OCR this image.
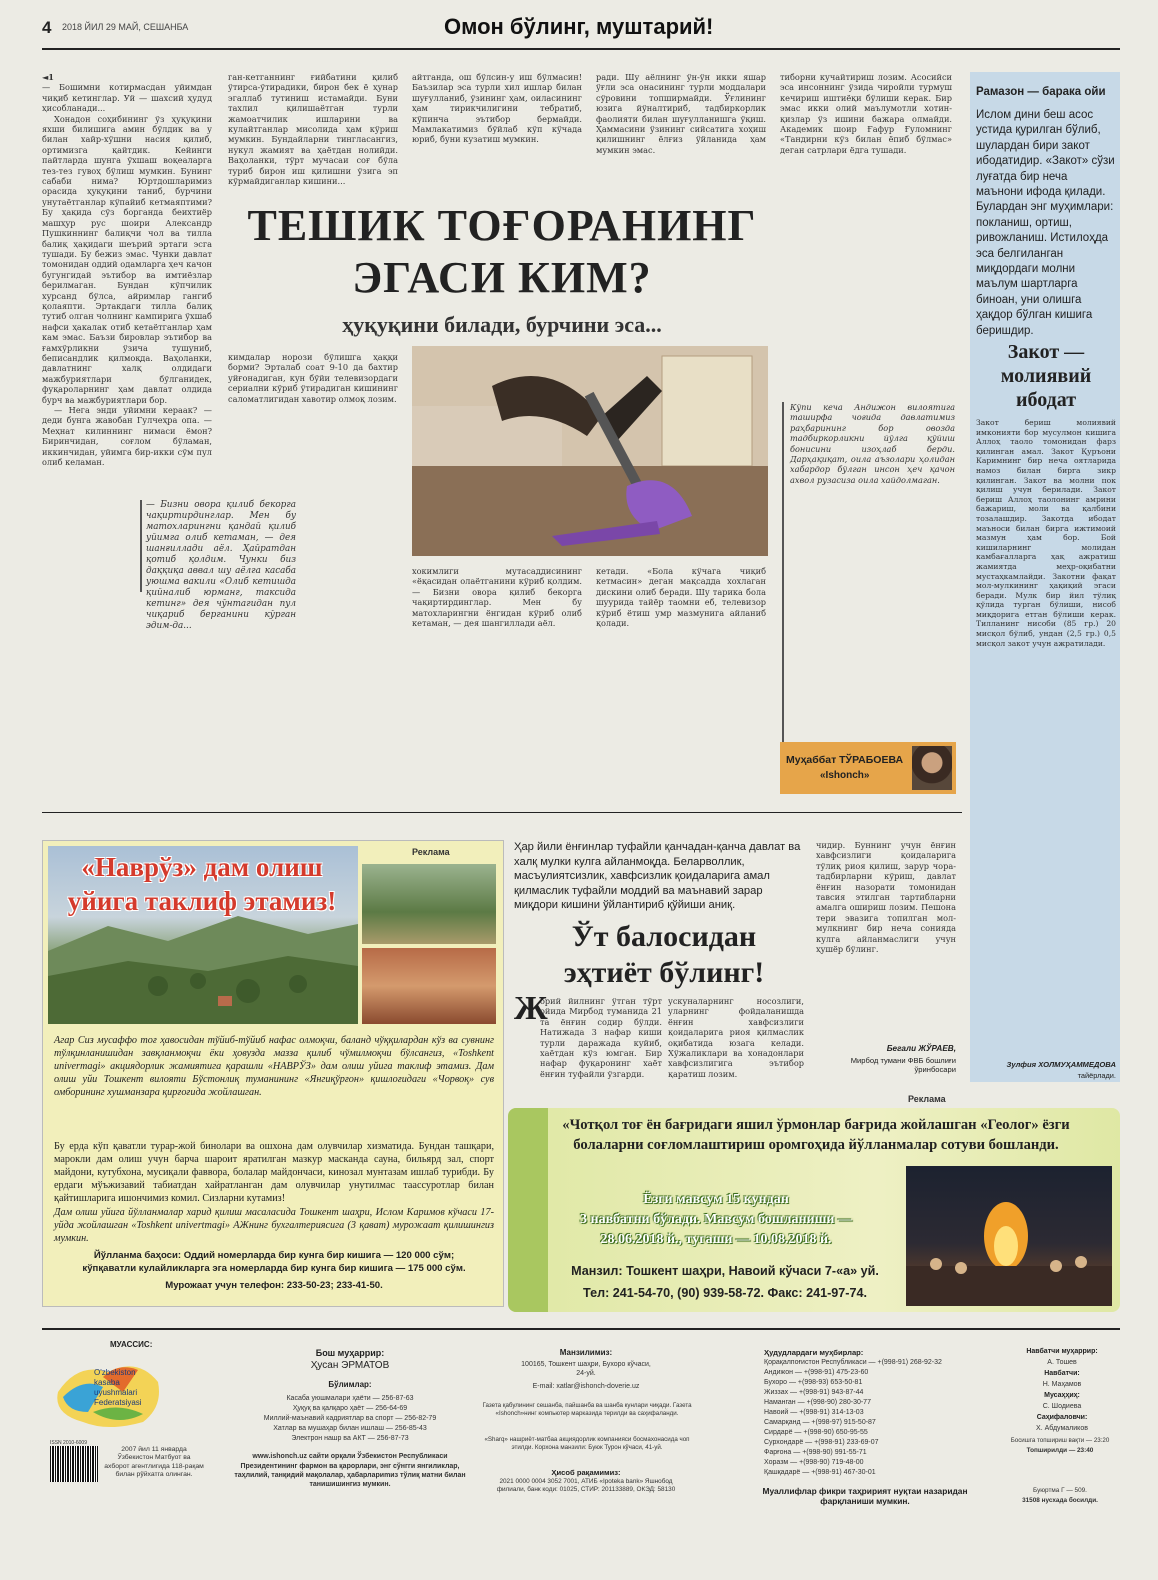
4 2018 ЙИЛ 29 МАЙ, СЕШАНБА	Омон бўлинг, муштарий!
◄1
— Бошимни котирмасдан уйимдан чиқиб кетинглар. Уй — шахсий ҳудуд ҳисобланади...
Хонадон соҳибининг ўз ҳуқуқини яхши билишига амин бўлдик ва у билан хайр-хўшни насия қилиб, ортимизга қайтдик. Кейинги пайтларда шунга ўхшаш воқеаларга тез-тез гувоҳ бўлиш мумкин. Бунинг сабаби нима? Юртдошларимиз орасида ҳуқуқини таниб, бурчини унутаётганлар кўпайиб кетмаяптими? Бу ҳақида сўз борганда беихтиёр машҳур рус шоири Александр Пушкиннинг балиқчи чол ва тилла балиқ ҳақидаги шеърий эртаги эсга тушади. Бу бежиз эмас. Чунки давлат томонидан оддий одамларга ҳеч качон бугунгидай эътибор ва имтиёзлар берилмаган. Бундан кўпчилик хурсанд бўлса, айримлар гангиб қолаяпти. Эртакдаги тилла балиқ тутиб олган чолнинг кампирига ўхшаб нафси ҳакалак отиб кетаётганлар ҳам кам эмас. Баъзи бировлар эътибор ва ғамхўрликни ўзича тушуниб, беписандлик қилмоқда. Ваҳоланки, давлатнинг халқ олдидаги мажбуриятлари бўлганидек, фуқароларнинг ҳам давлат олдида бурч ва мажбуриятлари бор.
— Нега энди уйимни кераак? — деди бунга жавобан Гулчеҳра опа. — Меҳнат килиннинг нимаси ёмон? Биринчидан, соғлом бўламан, иккинчидан, уйимга бир-икки сўм пул олиб келаман.
ган-кетганнинг ғийбатини қилиб ўтирса-ўтирадики, бирон бек ё ҳунар эгаллаб тутиниш истамайди. Буни тахлил қилишаётган турли жамоатчилик ишларини ва кулайтганлар мисолида ҳам кўриш мумкин. Бундайларни тингласангиз, нукул жамият ва ҳаётдан нолийди. Ваҳоланки, тўрт мучасаи соғ бўла туриб бирон иш қилишни ўзига эп кўрмайдиганлар кишини...
айтганда, ош бўлсин-у иш бўлмасин! Баъзилар эса турли хил ишлар билан шуғулланиб, ўзининг ҳам, оиласининг ҳам тирикчилигини тебратиб, кўпинча эътибор бермайди. Мамлакатимиз бўйлаб кўп кўчада юриб, буни кузатиш мумкин.
ради. Шу аёлнинг ўн-ўн икки яшар ўғли эса онасининг турли моддалари сўровини топширмайди. Ўғлининг юзига йўналтириб, тадбиркорлик фаолияти билан шуғулланишга ўқиш. Ҳаммасини ўзининг сийсатига хоҳиш қилишнинг ёлғиз ўйланида ҳам мумкин эмас.
тиборни кучайтириш лозим. Асосийси эса инсоннинг ўзида чиройли турмуш кечириш иштиёқи бўлиши керак. Бир эмас икки олий маълумотли хотин-қизлар ўз ишини бажара олмайди. Академик шоир Ғафур Ғуломнинг «Тандирни кўз билан ёпиб бўлмас» деган сатрлари ёдга тушади.
ТЕШИК ТОҒОРАНИНГ
ЭГАСИ КИМ?
ҳуқуқини билади, бурчини эса...
кимдалар норози бўлишга ҳаққи борми? Эрталаб соат 9-10 да бахтир уйғонадиган, кун бўйи телевизордаги сериални кўриб ўтирадиган кишининг саломатлигидан хавотир олмоқ лозим.
— Бизни овора қилиб бекорга чақиртирдинглар. Мен бу матохларингни қандай қилиб уйимга олиб кетаман, — дея шанғиллади аёл. Ҳайратдан қотиб қолдим. Чунки биз даққиқа аввал шу аёлга касаба уюшма вакили «Олиб кетишда қийналиб юрманг, таксида кетинг» дея чўнтагидан пул чиқариб берганини кўрган эдим-да...
хокимлиги мутасаддисининг «ёқасидан олаётганини кўриб қолдим. — Бизни овора қилиб бекорга чақиртирдинглар. Мен бу матохларингни ёнгидан кўриб олиб кетаман, — дея шангиллади аёл.
кетади. «Бола кўчага чиқиб кетмасин» деган мақсадда хохлаган дискини олиб беради. Шу тарика бола шуурида тайёр таомни еб, телевизор кўриб ётиш умр мазмунига айланиб қолади.
Кўпи кеча Андижон вилоятига таширфа чоғида давлатимиз раҳбарининг бор овозда тадбиркорликни йўлга қўйиш бонисини изоҳлаб берди. Дарҳақиқат, оила аъзолари ҳолидан хабардор бўлган инсон ҳеч қачон ахвол рузасиза оила хайдолмаган.
Муҳаббат ТЎРАБОЕВА
«Ishonch»
Рамазон — барака ойи
Ислом дини беш асос устида қурилган бўлиб, шулардан бири закот ибодатидир. «Закот» сўзи луғатда бир неча маънони ифода қилади. Булардан энг муҳимлари: покланиш, ортиш, ривожланиш. Истилоҳда эса белгиланган миқдордаги молни маълум шартларга биноан, уни олишга ҳақдор бўлган кишига беришдир.
Закот — молиявий ибодат
Закот бериш молиявий имконияти бор мусулмон кишига Аллоҳ таоло томонидан фарз қилинган амал. Закот Қуръони Каримнинг бир неча оятларида намоз билан бирга зикр қилинган. Закот ва молни пок қилиш учун берилади. Закот бериш Аллоҳ таолонинг амрини бажариш, моли ва қалбини тозалашдир. Закотда ибодат маъноси билан бирга ижтимоий мазмун ҳам бор. Бой кишиларнинг молидан камбағалларга ҳақ ажратиш жамиятда меҳр-оқибатни мустаҳкамлайди. Закотни фақат мол-мулкининг ҳақиқий эгаси беради. Мулк бир йил тўлиқ қўлида турган бўлиши, нисоб миқдорига етган бўлиши керак. Тилланинг нисоби (85 гр.) 20 мисқол бўлиб, ундан (2,5 гр.) 0,5 мисқол закот учун ажратилади.
Зулфия ХОЛМУҲАММЕДОВА
тайёрлади.
Реклама
«Наврўз» дам олиш
уйига таклиф этамиз!
Агар Сиз мусаффо тоғ ҳавосидан тўйиб-тўйиб нафас олмоқчи, баланд чўққилардан кўз ва сувнинг тўлқинланишидан завқланмоқчи ёки ҳовузда мазза қилиб чўмилмоқчи бўлсангиз, «Toshkent univermagi» акциядорлик жамиятига қарашли «НАВРЎЗ» дам олиш уйига таклиф этамиз. Дам олиш уйи Тошкент вилояти Бўстонлиқ туманининг «Янгиқўрғон» қишлоғидаги «Чорвоқ» сув омборининг хушманзара қирғоғида жойлашган.
Бу ерда кўп қаватли турар-жой бинолари ва ошхона дам олувчилар хизматида. Бундан ташқари, марокли дам олиш учун барча шароит яратилган мазкур масканда сауна, бильярд зал, спорт майдони, кутубхона, мусиқали фаввора, болалар майдончаси, кинозал мунтазам ишлаб турибди. Бу ердаги мўъжизавий табиатдан хайратланган дам олувчилар унутилмас таассуротлар билан қайтишларига ишончимиз комил. Сизларни кутамиз!
Дам олиш уйига йўлланмалар харид қилиш масаласида Тошкент шаҳри, Ислом Каримов кўчаси 17-уйда жойлашган «Toshkent univertmagi» АЖнинг бухгалтериясига (3 қават) мурожаат қилишингиз мумкин.
Йўлланма баҳоси: Оддий номерларда бир кунга бир кишига — 120 000 сўм;
кўпқаватли кулайликларга эга номерларда бир кунга бир кишига — 175 000 сўм.
Мурожаат учун телефон: 233-50-23; 233-41-50.
Ҳар йили ёнғинлар туфайли қанчадан-қанча давлат ва халқ мулки кулга айланмоқда. Беларволлик, масъулиятсизлик, хавфсизлик қоидаларига амал қилмаслик туфайли моддий ва маънавий зарар миқдори кишини ўйлантириб қўйиши аниқ.
Ўт балосидан
эҳтиёт бўлинг!
Ж
орий йилнинг ўтган тўрт ойида Мирбод туманида 21 та ёнғин содир бўлди. Натижада 3 нафар киши турли даражада куйиб, хаётдан кўз юмган. Бир нафар фуқаронинг хаёт ёнғин туфайли ўзгарди.
ускуналарнинг носозлиги, уларнинг фойдаланишда ёнғин хавфсизлиги қоидаларига риоя қилмаслик оқибатида юзага келади. Хўжаликлари ва хонадонлари хавфсизлигига эътибор қаратиш лозим.
чидир. Буннинг учун ёнғин хавфсизлиги қоидаларига тўлиқ риоя қилиш, зарур чора-тадбирларни кўриш, давлат ёнғин назорати томонидан тавсия этилган тартибларни амалга ошириш лозим. Пешона тери эвазига топилган мол-мулкнинг бир неча сонияда кулга айланмаслиги учун ҳушёр бўлинг.
Бегали ЖЎРАЕВ,
Мирбод тумани ФВБ бошлиғи ўринбосари
Реклама
«Чотқол тоғ ён бағридаги яшил ўрмонлар бағрида жойлашган «Геолог» ёзги болаларни соғломлаштириш оромгоҳида йўлланмалар сотуви бошланди.
Ёзги мавсум 15 кундан
3 навбатни бўлади. Мавсум бошланиши —
28.06.2018 й., тугаши — 10.08.2018 й.
Манзил: Тошкент шаҳри, Навоий кўчаси 7-«а» уй.
Тел: 241-54-70, (90) 939-58-72. Факс: 241-97-74.
МУАССИС:
O'zbekiston
kasaba
uyushmalari
Federatsiyasi
ISSN 2010-6009
2007 йил 11 январда Ўзбекистон Матбуот ва ахборот агентлигида 118-рақам билан рўйхатга олинган.
Бош муҳаррир:
Ҳусан ЭРМАТОВ
Бўлимлар:
Касаба уюшмалари ҳаёти — 256-87-63
Ҳуқуқ ва қалқаро ҳаёт — 256-64-69
Миллий-маънавий кадриятлар ва спорт — 256-82-79
Хатлар ва мушаҳар билан ишлаш — 256-85-43
Электрон нашр ва АКТ — 256-87-73
www.ishonch.uz сайти орқали Ўзбекистон Республикаси
Президентининг фармон ва қарорлари, энг сўнгги янгиликлар, таҳлилий, танқидий мақолалар, ҳабарлариmиз тўлиқ матни билан танишишингиз мумкин.
Манзилимиз:
100165, Тошкент шаҳри, Бухоро кўчаси, 24-уй.
E-mail: xatlar@ishonch-doverie.uz
Газета қабулининг сешанба, пайшанба ва шанба кунлари чиқади. Газета «Ishonch»нинг компьютер марказида терилди ва саҳифаланди.
«Sharq» нашриёт-матбаа акциядорлик компанияси босмахонасида чоп этилди. Корхона манзили: Буюк Турон кўчаси, 41-уй.
Ҳисоб рақамимиз:
2021 0000 0004 3052 7001, АТИБ «Ipoteka bank» Яшнобод филиали, банк коди: 01025, СТИР: 201133889, ОКЭД: 58130
Ҳудудлардаги муҳбирлар:
Қорақалпоғистон Республикаси — +(998-91) 268-92-32
Андижон — +(998-91) 475-23-60
Бухоро — +(998-93) 653-50-81
Жиззах — +(998-91) 943-87-44
Наманган — +(998-90) 280-30-77
Навоий — +(998-91) 314-13-03
Самарқанд — +(998-97) 915-50-87
Сирдарё — +(998-90) 650-95-55
Сурхондарё — +(998-91) 233-69-07
Фарғона — +(998-90) 991-55-71
Хоразм — +(998-90) 719-48-00
Қашқадарё — +(998-91) 467-30-01
Муаллифлар фикри таҳририят нуқтаи назаридан фарқланиши мумкин.
Навбатчи муҳаррир:
А. Тошев
Навбатчи:
Н. Маҳамов
Мусаҳҳиҳ:
С. Шодиева
Саҳифаловчи:
Х. Абдумаликов
Босишга топшириш вақти — 23:20
Топширилди — 23:40
Буюртма Г — 509.
31508 нусхада босилди.
